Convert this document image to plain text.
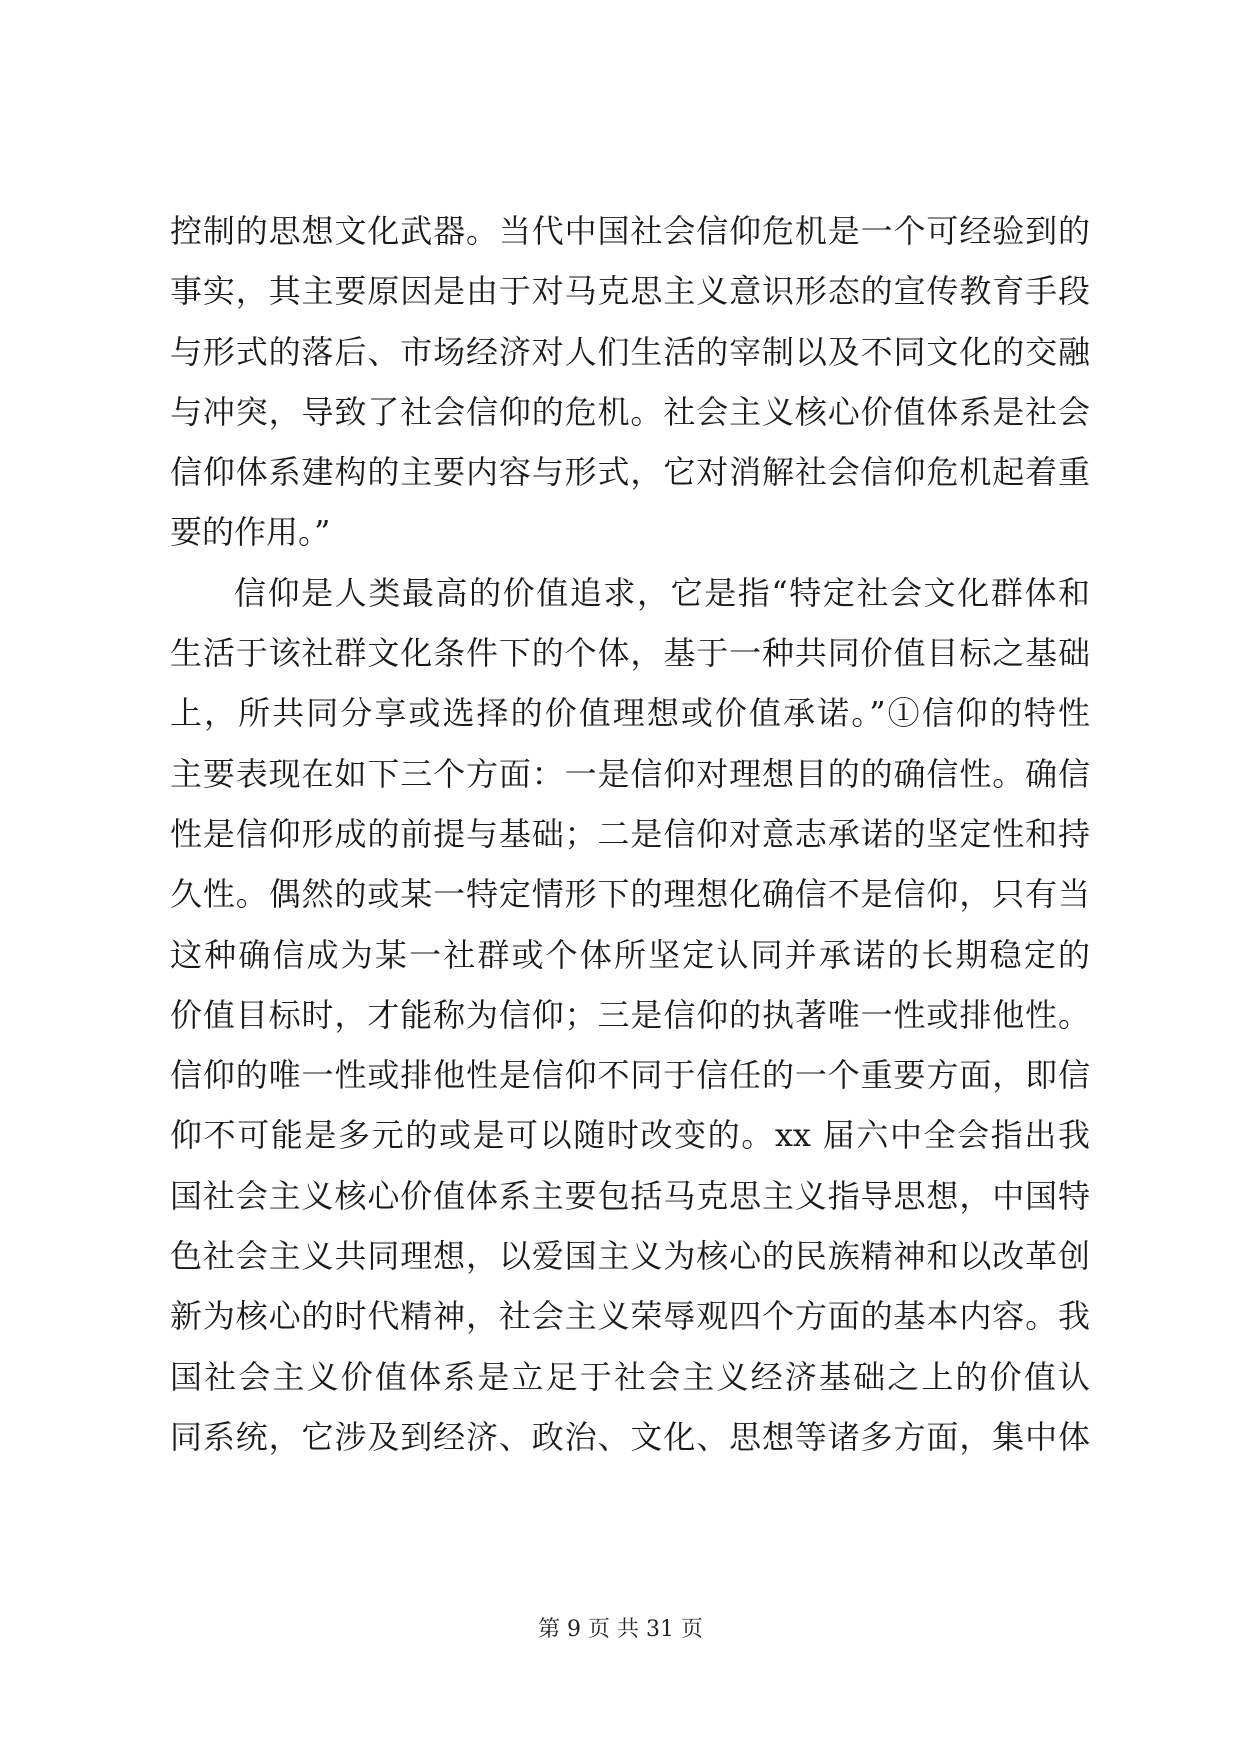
控制的思想文化武器。当代中国社会信仰危机是一个可经验到的
事实，其主要原因是由于对马克思主义意识形态的宣传教育手段
与形式的落后、市场经济对人们生活的宰制以及不同文化的交融
与冲突，导致了社会信仰的危机。社会主义核心价值体系是社会
信仰体系建构的主要内容与形式，它对消解社会信仰危机起着重
要的作用。”
信仰是人类最高的价值追求，它是指“特定社会文化群体和
生活于该社群文化条件下的个体，基于一种共同价值目标之基础
上，所共同分享或选择的价值理想或价值承诺。”①信仰的特性
主要表现在如下三个方面：一是信仰对理想目的的确信性。确信
性是信仰形成的前提与基础；二是信仰对意志承诺的坚定性和持
久性。偶然的或某一特定情形下的理想化确信不是信仰，只有当
这种确信成为某一社群或个体所坚定认同并承诺的长期稳定的
价值目标时，才能称为信仰；三是信仰的执著唯一性或排他性。
信仰的唯一性或排他性是信仰不同于信任的一个重要方面，即信
仰不可能是多元的或是可以随时改变的。xx 届六中全会指出我
国社会主义核心价值体系主要包括马克思主义指导思想，中国特
色社会主义共同理想，以爱国主义为核心的民族精神和以改革创
新为核心的时代精神，社会主义荣辱观四个方面的基本内容。我
国社会主义价值体系是立足于社会主义经济基础之上的价值认
同系统，它涉及到经济、政治、文化、思想等诸多方面，集中体
第 9 页 共 31 页
